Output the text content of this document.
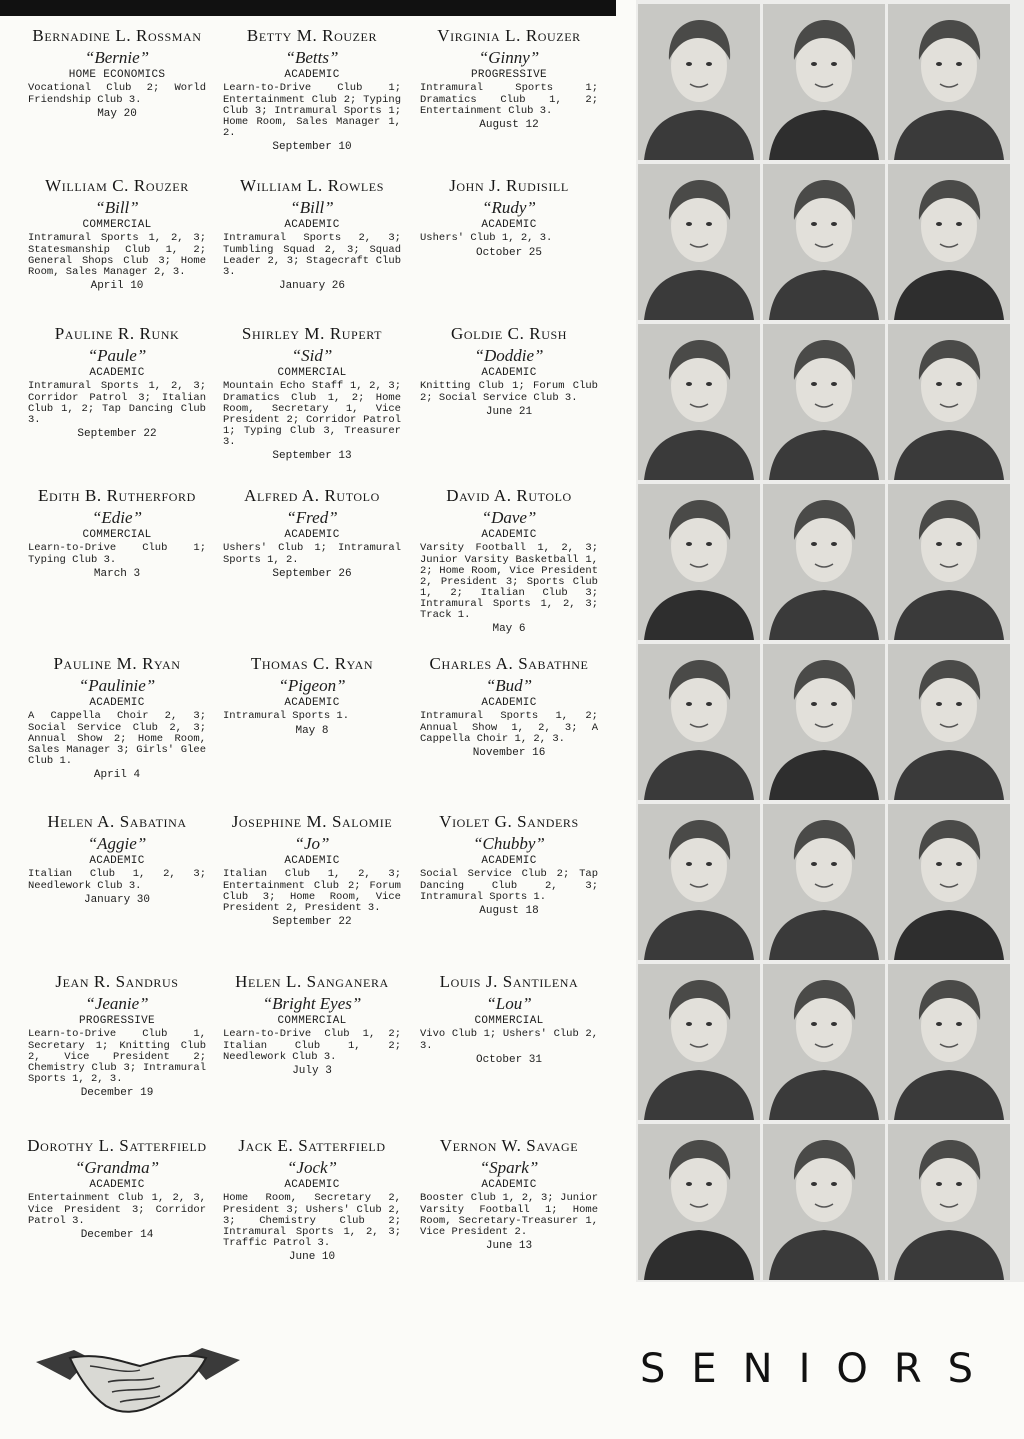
Bernadine L. Rossman
“Bernie”
HOME ECONOMICS
Vocational Club 2; World Friendship Club 3.
May 20
Betty M. Rouzer
“Betts”
ACADEMIC
Learn-to-Drive Club 1; Entertainment Club 2; Typing Club 3; Intramural Sports 1; Home Room, Sales Manager 1, 2.
September 10
Virginia L. Rouzer
“Ginny”
PROGRESSIVE
Intramural Sports 1; Dramatics Club 1, 2; Entertainment Club 3.
August 12
William C. Rouzer
“Bill”
COMMERCIAL
Intramural Sports 1, 2, 3; Statesmanship Club 1, 2; General Shops Club 3; Home Room, Sales Manager 2, 3.
April 10
William L. Rowles
“Bill”
ACADEMIC
Intramural Sports 2, 3; Tumbling Squad 2, 3; Squad Leader 2, 3; Stagecraft Club 3.
January 26
John J. Rudisill
“Rudy”
ACADEMIC
Ushers' Club 1, 2, 3.
October 25
Pauline R. Runk
“Paule”
ACADEMIC
Intramural Sports 1, 2, 3; Corridor Patrol 3; Italian Club 1, 2; Tap Dancing Club 3.
September 22
Shirley M. Rupert
“Sid”
COMMERCIAL
Mountain Echo Staff 1, 2, 3; Dramatics Club 1, 2; Home Room, Secretary 1, Vice President 2; Corridor Patrol 1; Typing Club 3, Treasurer 3.
September 13
Goldie C. Rush
“Doddie”
ACADEMIC
Knitting Club 1; Forum Club 2; Social Service Club 3.
June 21
Edith B. Rutherford
“Edie”
COMMERCIAL
Learn-to-Drive Club 1; Typing Club 3.
March 3
Alfred A. Rutolo
“Fred”
ACADEMIC
Ushers' Club 1; Intramural Sports 1, 2.
September 26
David A. Rutolo
“Dave”
ACADEMIC
Varsity Football 1, 2, 3; Junior Varsity Basketball 1, 2; Home Room, Vice President 2, President 3; Sports Club 1, 2; Italian Club 3; Intramural Sports 1, 2, 3; Track 1.
May 6
Pauline M. Ryan
“Paulinie”
ACADEMIC
A Cappella Choir 2, 3; Social Service Club 2, 3; Annual Show 2; Home Room, Sales Manager 3; Girls' Glee Club 1.
April 4
Thomas C. Ryan
“Pigeon”
ACADEMIC
Intramural Sports 1.
May 8
Charles A. Sabathne
“Bud”
ACADEMIC
Intramural Sports 1, 2; Annual Show 1, 2, 3; A Cappella Choir 1, 2, 3.
November 16
Helen A. Sabatina
“Aggie”
ACADEMIC
Italian Club 1, 2, 3; Needlework Club 3.
January 30
Josephine M. Salomie
“Jo”
ACADEMIC
Italian Club 1, 2, 3; Entertainment Club 2; Forum Club 3; Home Room, Vice President 2, President 3.
September 22
Violet G. Sanders
“Chubby”
ACADEMIC
Social Service Club 2; Tap Dancing Club 2, 3; Intramural Sports 1.
August 18
Jean R. Sandrus
“Jeanie”
PROGRESSIVE
Learn-to-Drive Club 1, Secretary 1; Knitting Club 2, Vice President 2; Chemistry Club 3; Intramural Sports 1, 2, 3.
December 19
Helen L. Sanganera
“Bright Eyes”
COMMERCIAL
Learn-to-Drive Club 1, 2; Italian Club 1, 2; Needlework Club 3.
July 3
Louis J. Santilena
“Lou”
COMMERCIAL
Vivo Club 1; Ushers' Club 2, 3.
October 31
Dorothy L. Satterfield
“Grandma”
ACADEMIC
Entertainment Club 1, 2, 3, Vice President 3; Corridor Patrol 3.
December 14
Jack E. Satterfield
“Jock”
ACADEMIC
Home Room, Secretary 2, President 3; Ushers' Club 2, 3; Chemistry Club 2; Intramural Sports 1, 2, 3; Traffic Patrol 3.
June 10
Vernon W. Savage
“Spark”
ACADEMIC
Booster Club 1, 2, 3; Junior Varsity Football 1; Home Room, Secretary-Treasurer 1, Vice President 2.
June 13
SENIORS
